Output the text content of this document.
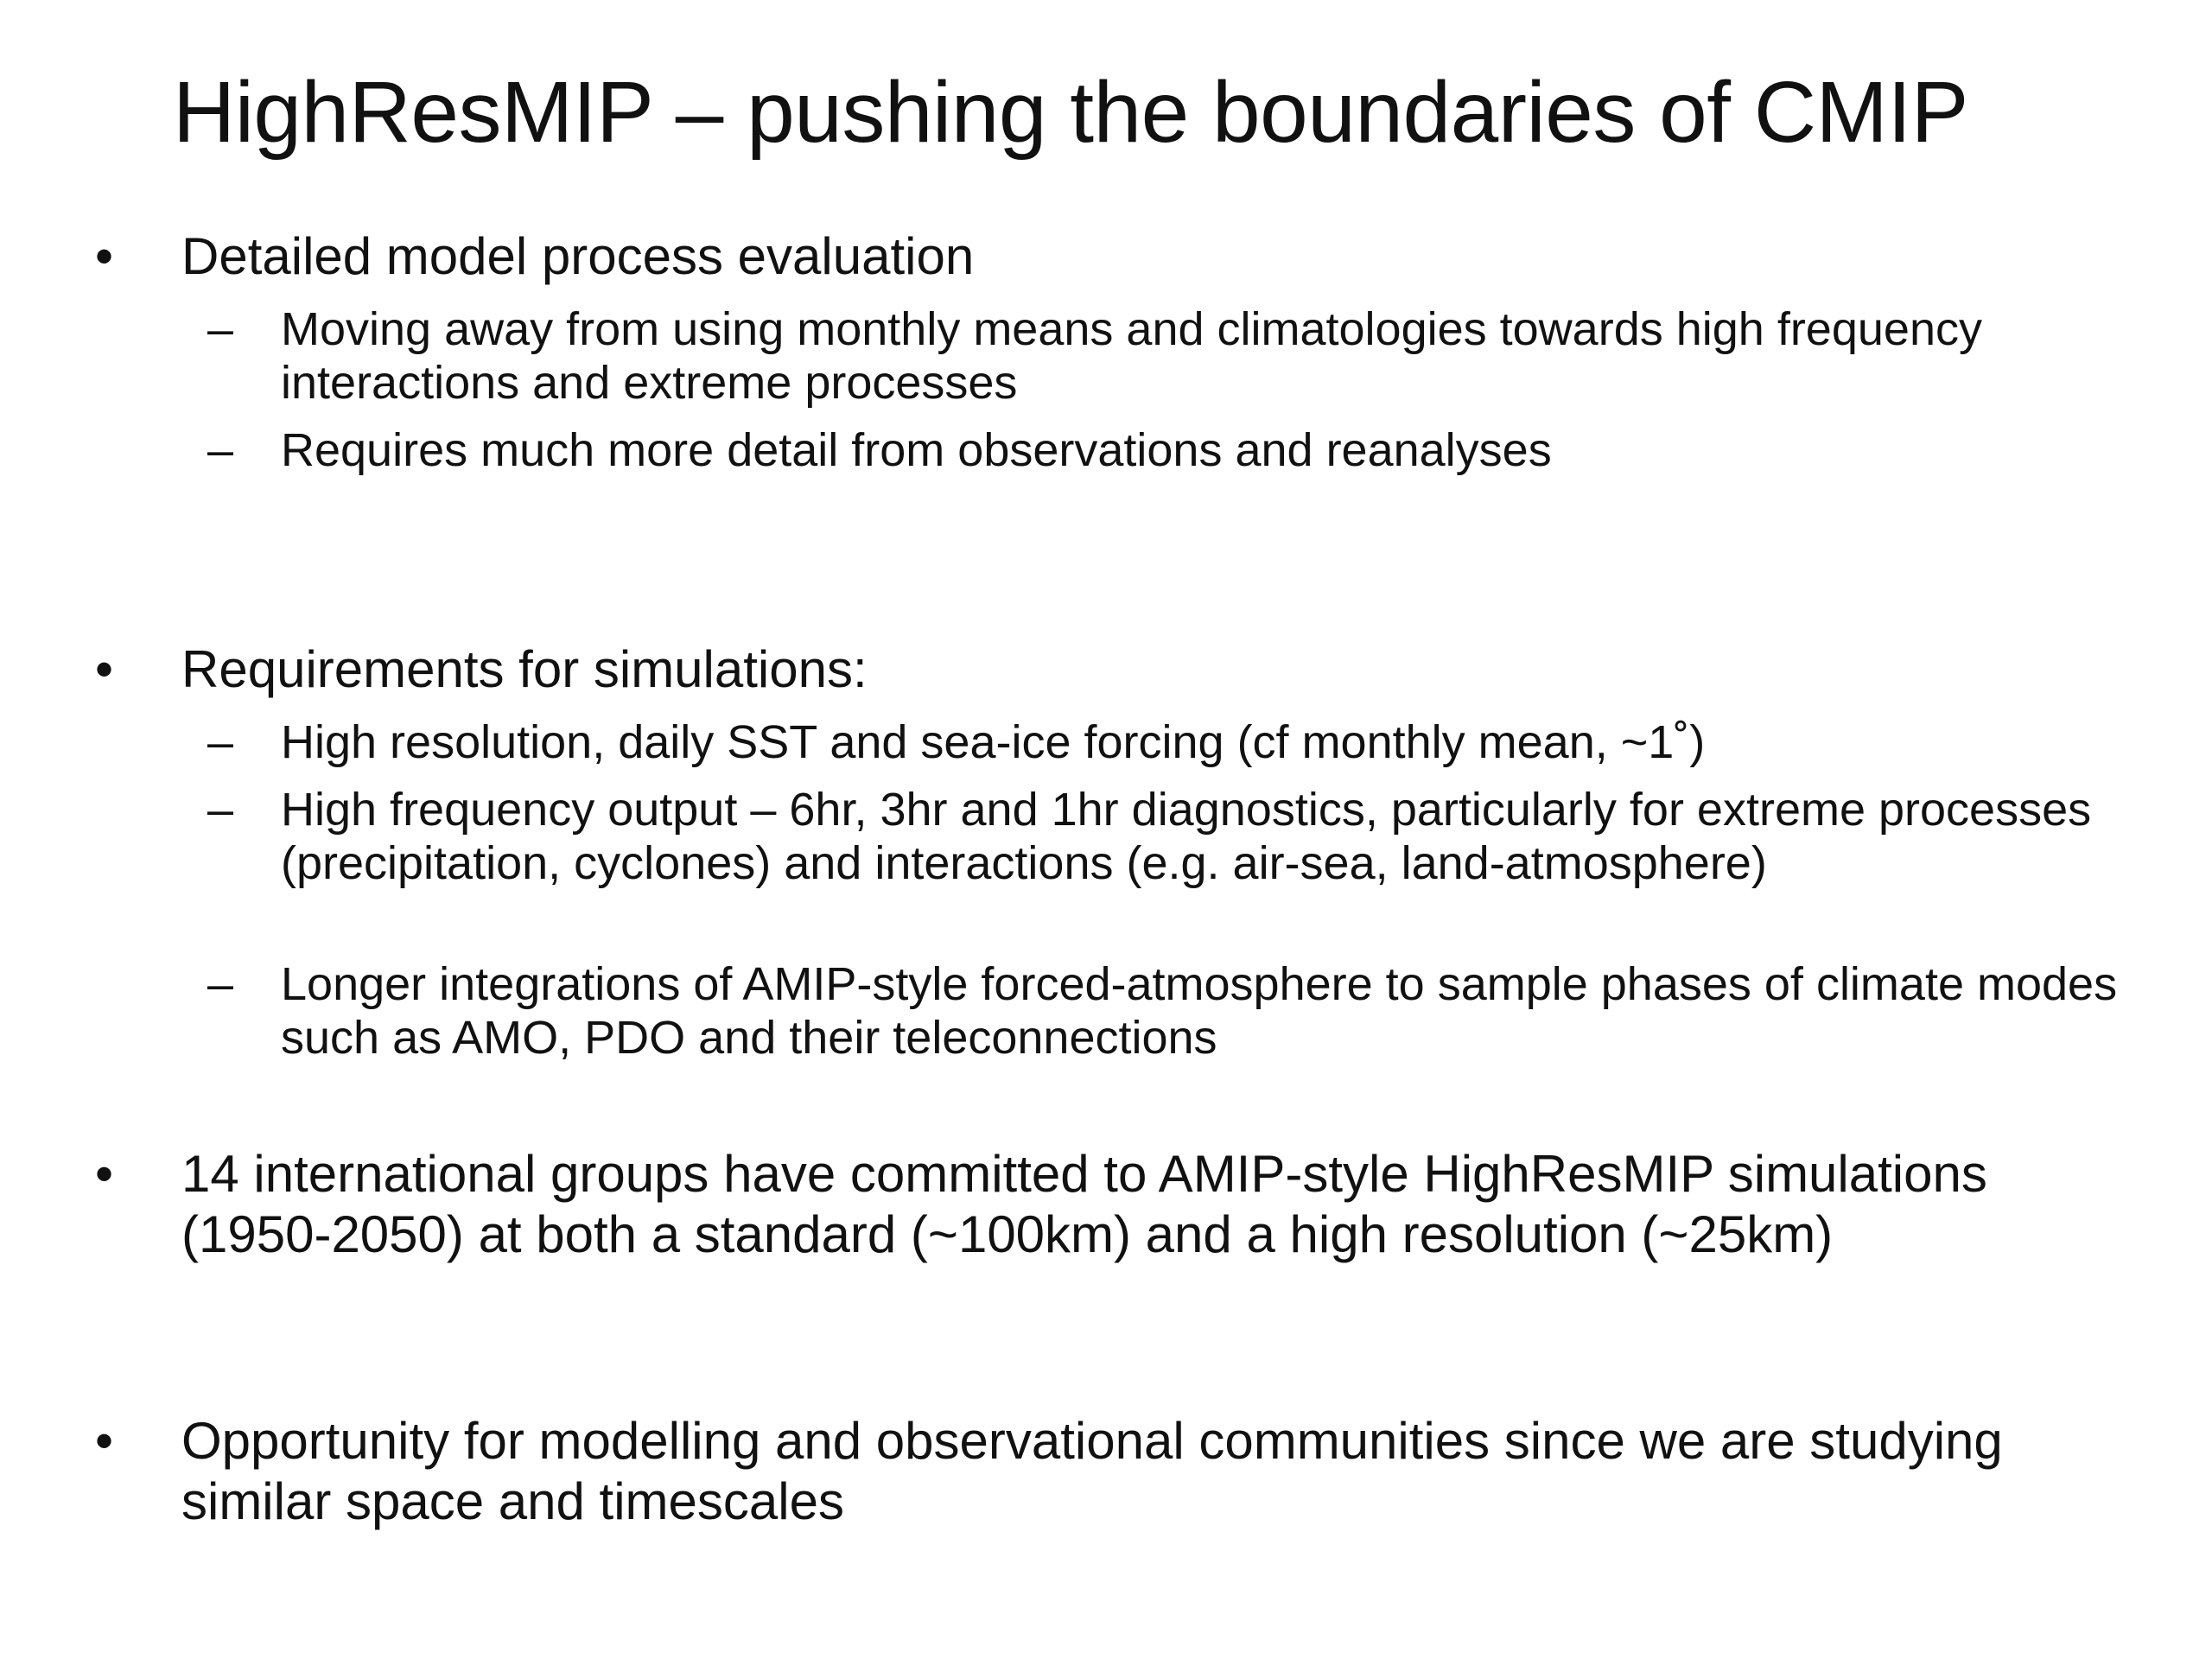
HighResMIP – pushing the boundaries of CMIP
• Detailed model process evaluation
– Moving away from using monthly means and climatologies towards high frequency interactions and extreme processes
– Requires much more detail from observations and reanalyses
• Requirements for simulations:
– High resolution, daily SST and sea-ice forcing (cf monthly mean, ~1˚)
– High frequency output – 6hr, 3hr and 1hr diagnostics, particularly for extreme processes (precipitation, cyclones) and interactions (e.g. air-sea, land-atmosphere)
– Longer integrations of AMIP-style forced-atmosphere to sample phases of climate modes such as AMO, PDO and their teleconnections
• 14 international groups have committed to AMIP-style HighResMIP simulations (1950-2050) at both a standard (~100km) and a high resolution (~25km)
• Opportunity for modelling and observational communities since we are studying similar space and timescales
